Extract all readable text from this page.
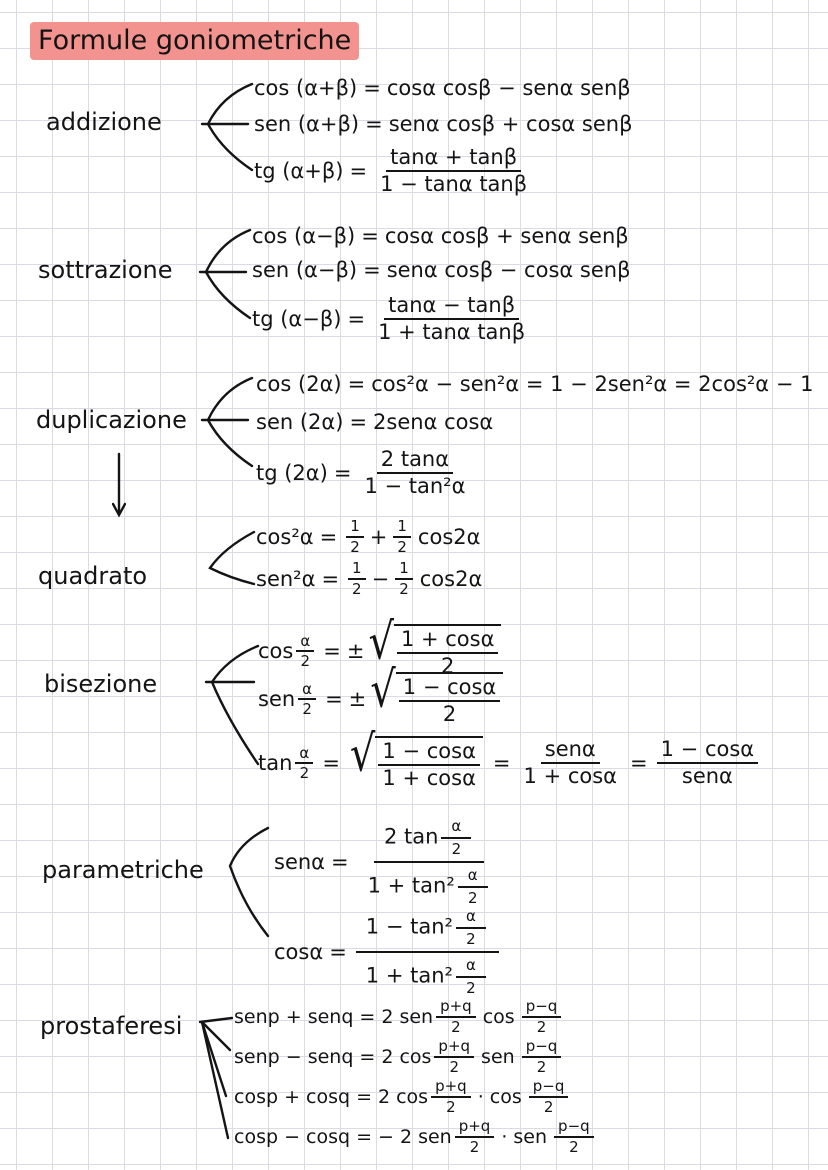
Formule goniometriche
addizione
cos (α+β) = cosα cosβ − senα senβ
sen (α+β) = senα cosβ + cosα senβ
tg $(\alpha+\beta) = \frac{\tan\alpha + \tan\beta}{\text{1 − tanα tanβ}}$
sottrazione
cos (α−β) = cosα cosβ + senα senβ
sen (α−β) = senα cosβ − cosα senβ
tg $(\alpha-\beta) = \frac{\tan\alpha - \tan\beta}{\text{1 + tanα tanβ}}$
duplicazione
cos (2α) = cos²α − sen²α = 1 − 2sen²α = 2cos²α − 1
sen (2α) = 2senα cosα
tg $(2\alpha) = \frac{2 \tan\alpha}{\text{1 − tan²α}}$
quadrato
$\cos^2\alpha = \frac{1}{2} + \frac{1}{2} \cos 2\alpha$
$sen^2\alpha = \frac{1}{2} - \frac{1}{2} \cos 2\alpha$
bisezione
$\cos \frac{\alpha}{2}$ = ± √ $\frac{1 + \cos\alpha}{2}$
sen $\frac{\alpha}{2}$ = ± √ $\frac{1 - \cos\alpha}{2}$
$\tan \frac{\alpha}{2}$ = √ $\frac{1 - \cos\alpha}{1 + \cos\alpha} = \frac{\text{senα}}{1 + \cos\alpha} = \frac{1 - \cos\alpha}{\text{senα}}$
parametriche	$sen\alpha = \frac{2 \tan \frac{\alpha}{2}}{1 + \tan^2 \frac{\alpha}{2}}$
$\cos\alpha = \frac{1 - \tan^2 \frac{\alpha}{2}}{1 + \tan^2 \frac{\alpha}{2}}$
prostaferesi	senp + senq = 2 sen $\frac{p+q}{2}$ $\cos \frac{p-q}{2}$
senp − senq = 2 $\cos \frac{p+q}{2}$ sen $\frac{p-q}{2}$
cosp + cosq = 2 $\cos \frac{p+q}{2} \cdot \cos \frac{p-q}{2}$
cosp − cosq = − 2 sen $\frac{p+q}{2}$ · sen $\frac{p-q}{2}$
